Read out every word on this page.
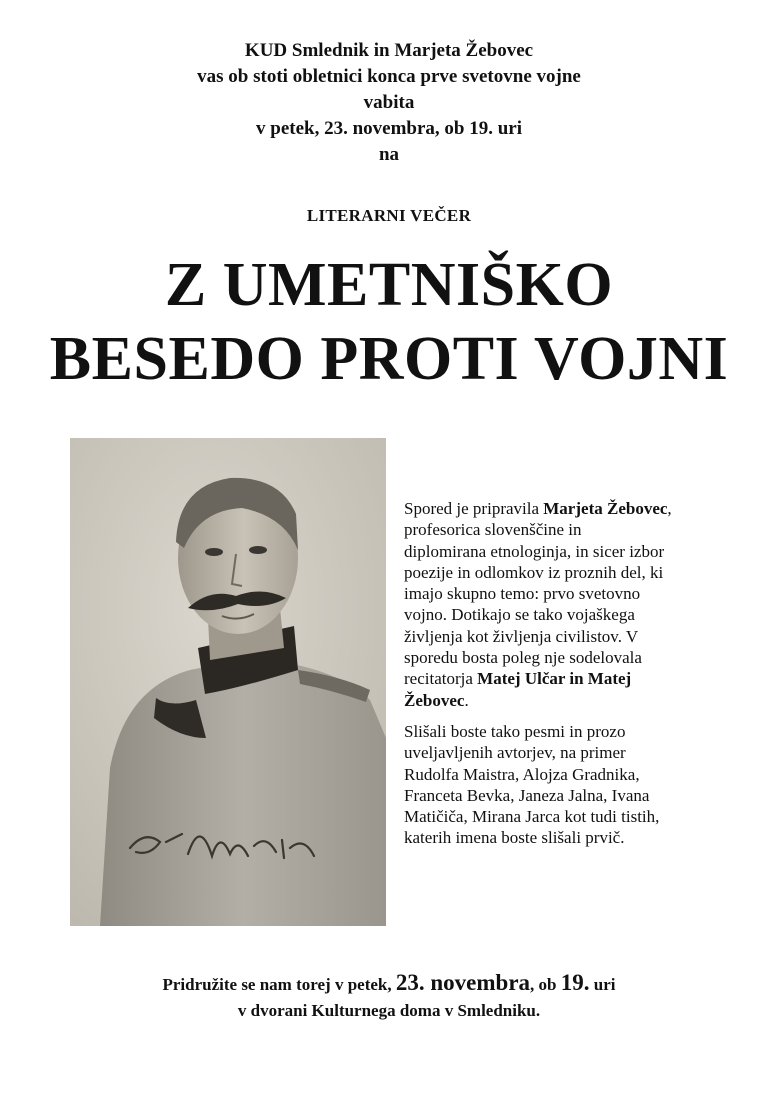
KUD Smlednik in Marjeta Žebovec
vas ob stoti obletnici konca prve svetovne vojne
vabita
v petek, 23. novembra, ob 19. uri
na
LITERARNI VEČER
Z UMETNIŠKO
BESEDO PROTI VOJNI

Spored je pripravila Marjeta Žebovec,
profesorica slovenščine in
diplomirana etnologinja, in sicer izbor
poezije in odlomkov iz proznih del, ki
imajo skupno temo: prvo svetovno
vojno. Dotikajo se tako vojaškega
življenja kot življenja civilistov. V
sporedu bosta poleg nje sodelovala
recitatorja Matej Ulčar in Matej
Žebovec.

Slišali boste tako pesmi in prozo
uveljavljenih avtorjev, na primer
Rudolfa Maistra, Alojza Gradnika,
Franceta Bevka, Janeza Jalna, Ivana
Matičiča, Mirana Jarca kot tudi tistih,
katerih imena boste slišali prvič.

Pridružite se nam torej v petek, 23. novembra, ob 19. uri
v dvorani Kulturnega doma v Smledniku.
